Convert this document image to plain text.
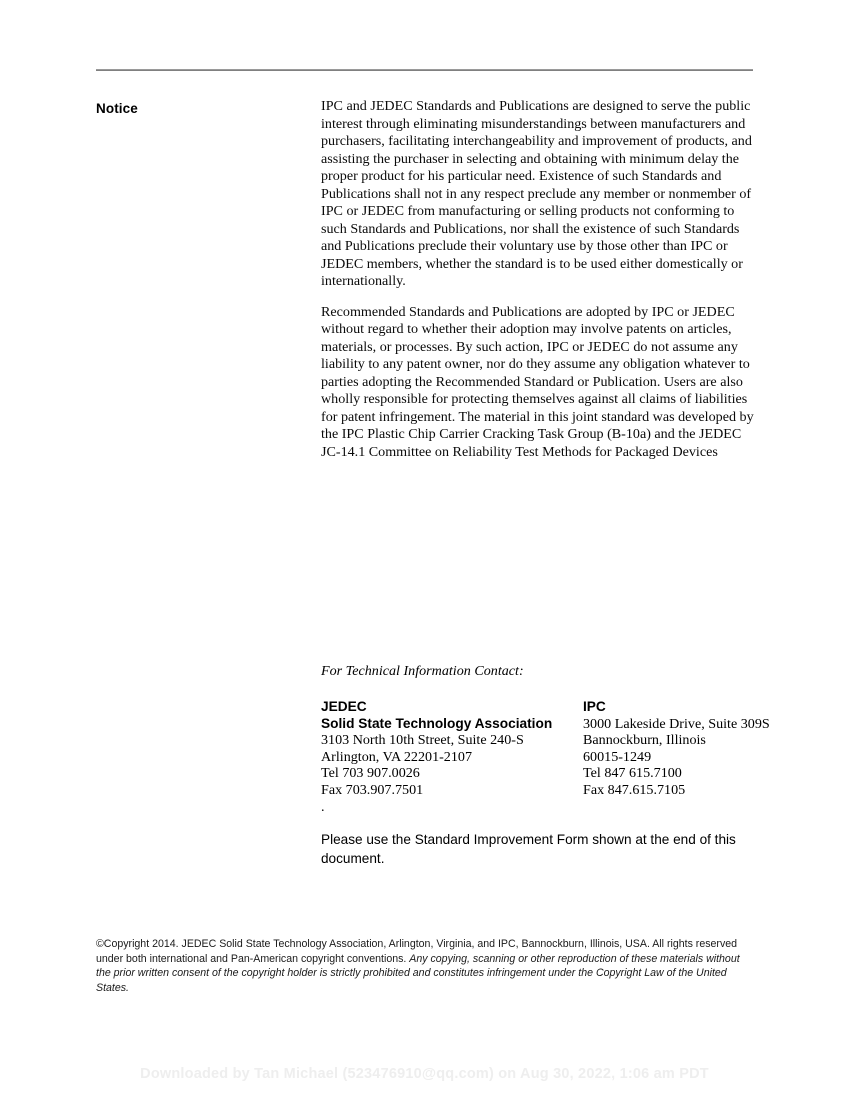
Notice	IPC and JEDEC Standards and Publications are designed to serve the public interest through eliminating misunderstandings between manufacturers and purchasers, facilitating interchangeability and improvement of products, and assisting the purchaser in selecting and obtaining with minimum delay the proper product for his particular need. Existence of such Standards and Publications shall not in any respect preclude any member or nonmember of IPC or JEDEC from manufacturing or selling products not conforming to such Standards and Publications, nor shall the existence of such Standards and Publications preclude their voluntary use by those other than IPC or JEDEC members, whether the standard is to be used either domestically or internationally.

Recommended Standards and Publications are adopted by IPC or JEDEC without regard to whether their adoption may involve patents on articles, materials, or processes. By such action, IPC or JEDEC do not assume any liability to any patent owner, nor do they assume any obligation whatever to parties adopting the Recommended Standard or Publication. Users are also wholly responsible for protecting themselves against all claims of liabilities for patent infringement. The material in this joint standard was developed by the IPC Plastic Chip Carrier Cracking Task Group (B-10a) and the JEDEC JC-14.1 Committee on Reliability Test Methods for Packaged Devices

For Technical Information Contact:
JEDEC
Solid State Technology Association
3103 North 10th Street, Suite 240-S
Arlington, VA 22201-2107
Tel 703 907.0026
Fax 703.907.7501
.
IPC
3000 Lakeside Drive, Suite 309S
Bannockburn, Illinois
60015-1249
Tel 847 615.7100
Fax 847.615.7105
Please use the Standard Improvement Form shown at the end of this document.
©Copyright 2014. JEDEC Solid State Technology Association, Arlington, Virginia, and IPC, Bannockburn, Illinois, USA. All rights reserved under both international and Pan-American copyright conventions. Any copying, scanning or other reproduction of these materials without the prior written consent of the copyright holder is strictly prohibited and constitutes infringement under the Copyright Law of the United States.
Downloaded by Tan Michael (523476910@qq.com) on Aug 30, 2022, 1:06 am PDT
